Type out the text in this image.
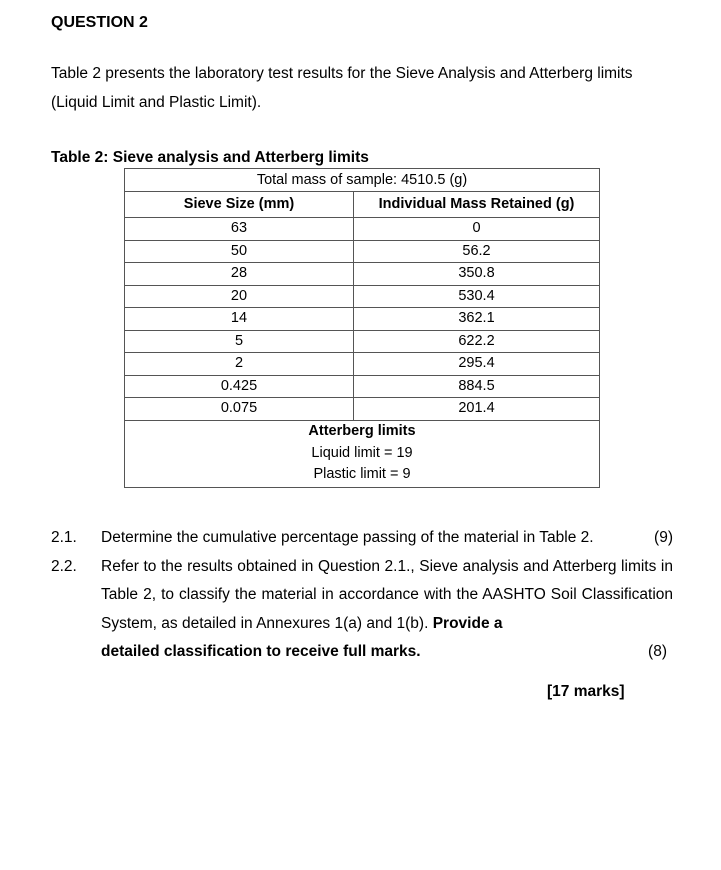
QUESTION 2
Table 2 presents the laboratory test results for the Sieve Analysis and Atterberg limits (Liquid Limit and Plastic Limit).
Table 2: Sieve analysis and Atterberg limits
Total mass of sample: 4510.5 (g)	
Sieve Size (mm)	Individual Mass Retained (g)
63	0
50	56.2
28	350.8
20	530.4
14	362.1
5	622.2
2	295.4
0.425	884.5
0.075	201.4

Atterberg limits
Liquid limit = 19
Plastic limit = 9	
2.1. Determine the cumulative percentage passing of the material in Table 2.	(9)
2.2. Refer to the results obtained in Question 2.1., Sieve analysis and Atterberg limits in Table 2, to classify the material in accordance with the AASHTO Soil Classification System, as detailed in Annexures 1(a) and 1(b). Provide a
detailed classification to receive full marks.	(8)
[17 marks]
